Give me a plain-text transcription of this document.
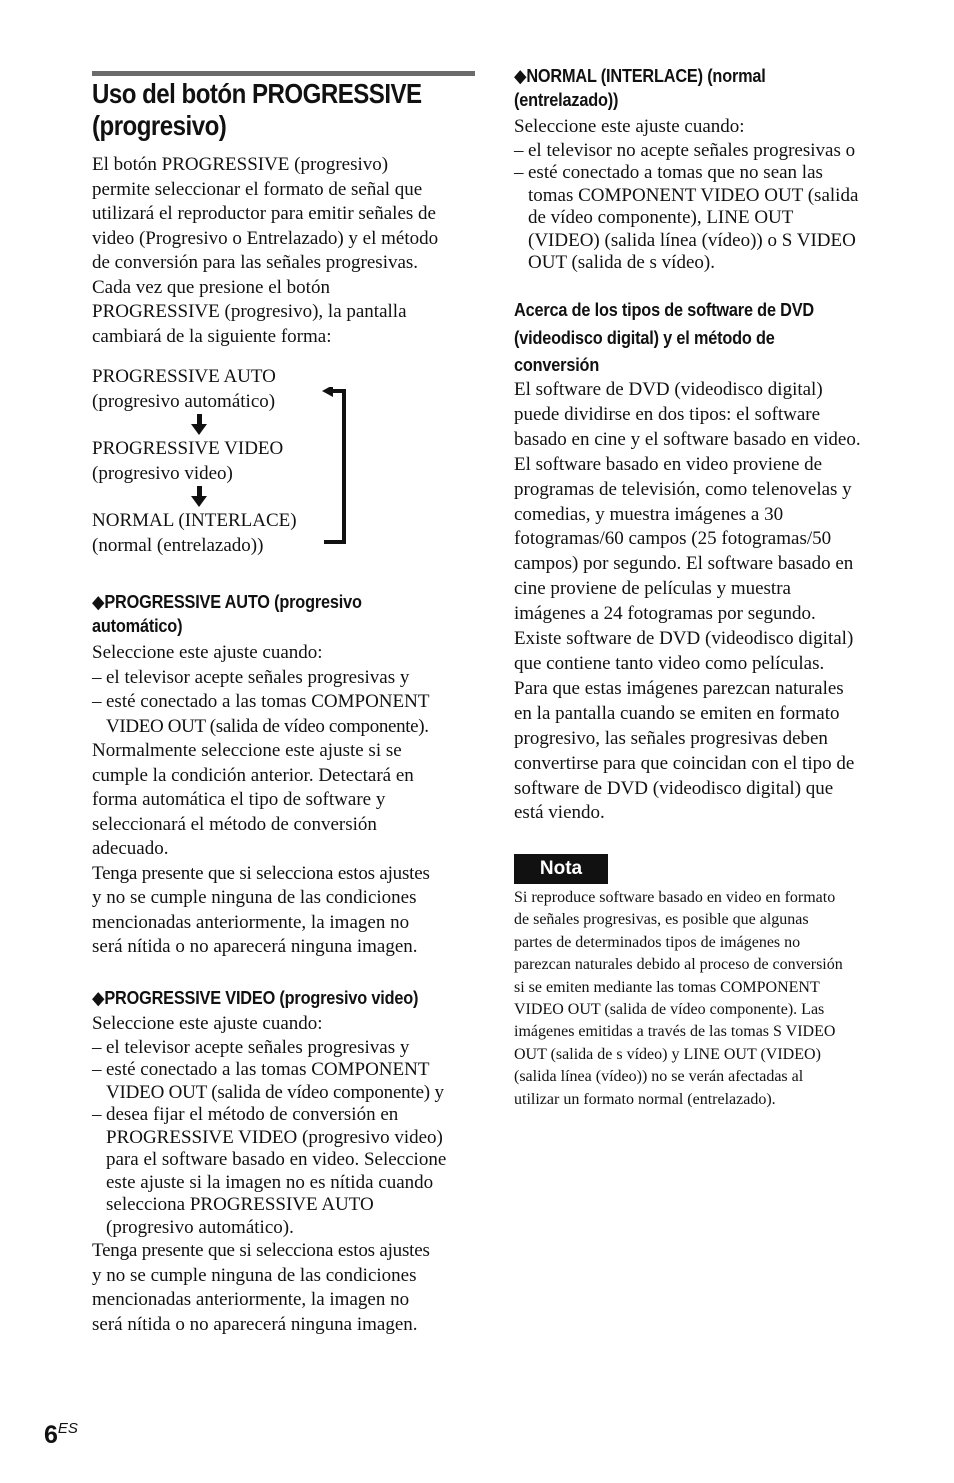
Uso del botón PROGRESSIVE
(progresivo)
El botón PROGRESSIVE (progresivo)
permite seleccionar el formato de señal que
utilizará el reproductor para emitir señales de
video (Progresivo o Entrelazado) y el método
de conversión para las señales progresivas.
Cada vez que presione el botón
PROGRESSIVE (progresivo), la pantalla
cambiará de la siguiente forma:
PROGRESSIVE AUTO
(progresivo automático)
PROGRESSIVE VIDEO
(progresivo video)
NORMAL (INTERLACE)
(normal (entrelazado))
◆PROGRESSIVE AUTO (progresivo
automático)
Seleccione este ajuste cuando:
– el televisor acepte señales progresivas y
– esté conectado a las tomas COMPONENT
VIDEO OUT (salida de vídeo componente).
Normalmente seleccione este ajuste si se
cumple la condición anterior. Detectará en
forma automática el tipo de software y
seleccionará el método de conversión
adecuado.
Tenga presente que si selecciona estos ajustes
y no se cumple ninguna de las condiciones
mencionadas anteriormente, la imagen no
será nítida o no aparecerá ninguna imagen.
◆PROGRESSIVE VIDEO (progresivo video)
Seleccione este ajuste cuando:
– el televisor acepte señales progresivas y
– esté conectado a las tomas COMPONENT
VIDEO OUT (salida de vídeo componente) y
– desea fijar el método de conversión en
PROGRESSIVE VIDEO (progresivo video)
para el software basado en video. Seleccione
este ajuste si la imagen no es nítida cuando
selecciona PROGRESSIVE AUTO
(progresivo automático).
Tenga presente que si selecciona estos ajustes
y no se cumple ninguna de las condiciones
mencionadas anteriormente, la imagen no
será nítida o no aparecerá ninguna imagen.
◆NORMAL (INTERLACE) (normal
(entrelazado))
Seleccione este ajuste cuando:
– el televisor no acepte señales progresivas o
– esté conectado a tomas que no sean las
tomas COMPONENT VIDEO OUT (salida
de vídeo componente), LINE OUT
(VIDEO) (salida línea (vídeo)) o S VIDEO
OUT (salida de s vídeo).
Acerca de los tipos de software de DVD
(videodisco digital) y el método de
conversión
El software de DVD (videodisco digital)
puede dividirse en dos tipos: el software
basado en cine y el software basado en video.
El software basado en video proviene de
programas de televisión, como telenovelas y
comedias, y muestra imágenes a 30
fotogramas/60 campos (25 fotogramas/50
campos) por segundo. El software basado en
cine proviene de películas y muestra
imágenes a 24 fotogramas por segundo.
Existe software de DVD (videodisco digital)
que contiene tanto video como películas.
Para que estas imágenes parezcan naturales
en la pantalla cuando se emiten en formato
progresivo, las señales progresivas deben
convertirse para que coincidan con el tipo de
software de DVD (videodisco digital) que
está viendo.
Nota
Si reproduce software basado en video en formato
de señales progresivas, es posible que algunas
partes de determinados tipos de imágenes no
parezcan naturales debido al proceso de conversión
si se emiten mediante las tomas COMPONENT
VIDEO OUT (salida de vídeo componente). Las
imágenes emitidas a través de las tomas S VIDEO
OUT (salida de s vídeo) y LINE OUT (VIDEO)
(salida línea (vídeo)) no se verán afectadas al
utilizar un formato normal (entrelazado).
$6^{ES}$
